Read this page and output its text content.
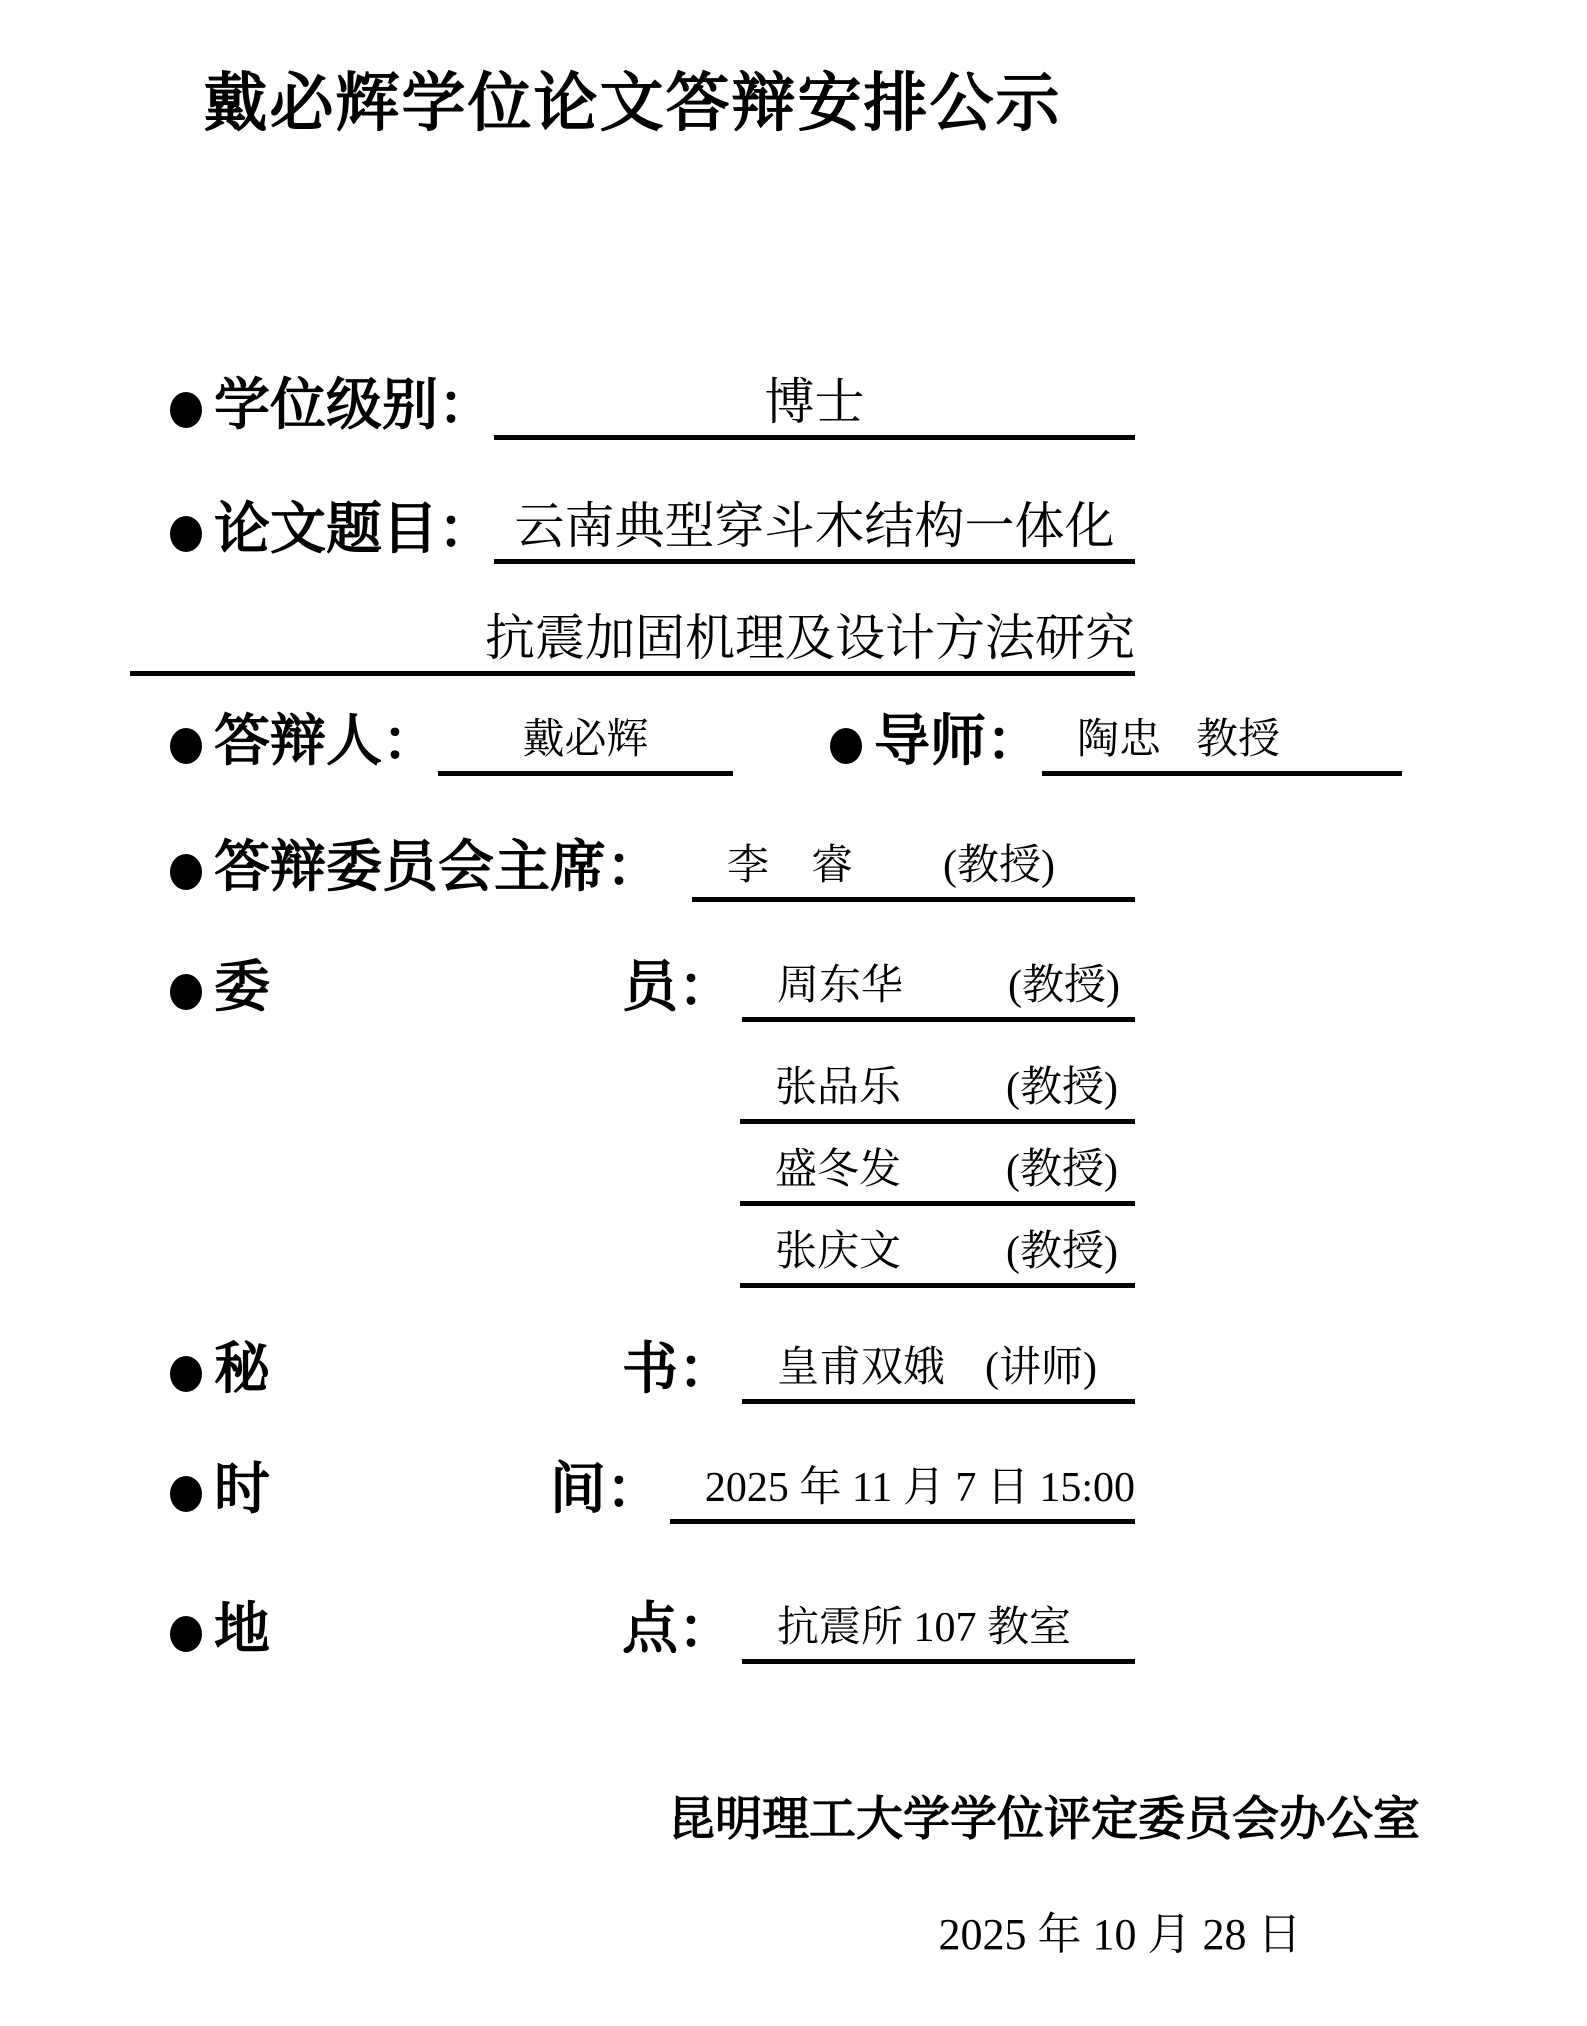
戴必辉学位论文答辩安排公示
学位级别：	博士
论文题目： 云南典型穿斗木结构一体化
抗震加固机理及设计方法研究
答辩人： 戴必辉	导师： 陶忠 教授
答辩委员会主席： 李　睿 (教授)
委	员： 周东华	(教授)
张品乐	(教授)
盛冬发	(教授)
张庆文	(教授)
秘	书： 皇甫双娥 (讲师)
时	间： 2025 年 11 月 7 日 15:00
地	点： 抗震所 107 教室
昆明理工大学学位评定委员会办公室
2025 年 10 月 28 日
